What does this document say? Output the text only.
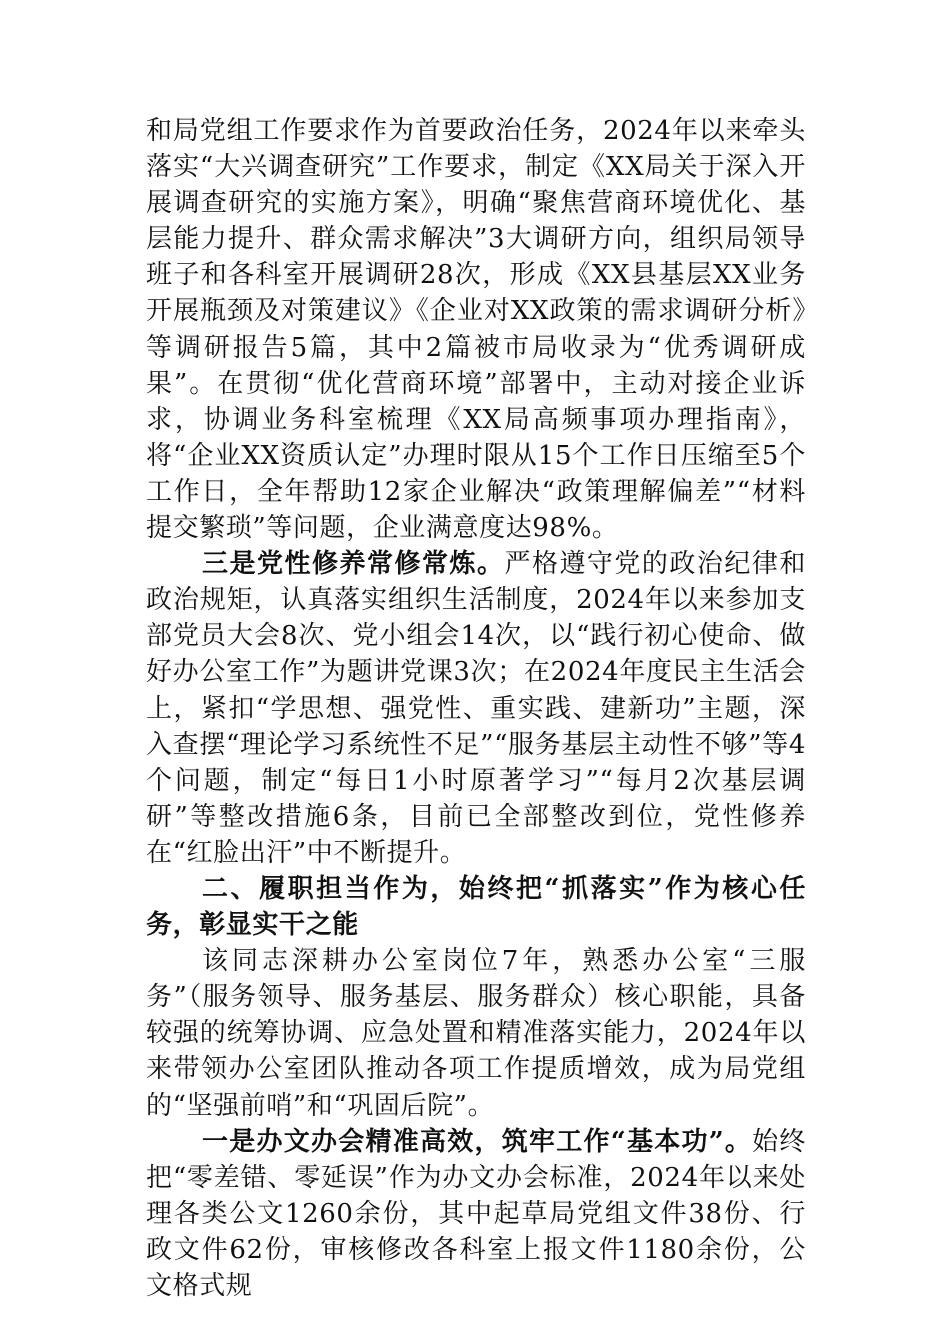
和局党组工作要求作为首要政治任务，2024年以来牵头落实“大兴调查研究”工作要求，制定《XX局关于深入开展调查研究的实施方案》，明确“聚焦营商环境优化、基层能力提升、群众需求解决”3大调研方向，组织局领导班子和各科室开展调研28次，形成《XX县基层XX业务开展瓶颈及对策建议》《企业对XX政策的需求调研分析》等调研报告5篇，其中2篇被市局收录为“优秀调研成果”。在贯彻“优化营商环境”部署中，主动对接企业诉求，协调业务科室梳理《XX局高频事项办理指南》，将“企业XX资质认定”办理时限从15个工作日压缩至5个工作日，全年帮助12家企业解决“政策理解偏差”“材料提交繁琐”等问题，企业满意度达98%。

三是党性修养常修常炼。严格遵守党的政治纪律和政治规矩，认真落实组织生活制度，2024年以来参加支部党员大会8次、党小组会14次，以“践行初心使命、做好办公室工作”为题讲党课3次；在2024年度民主生活会上，紧扣“学思想、强党性、重实践、建新功”主题，深入查摆“理论学习系统性不足”“服务基层主动性不够”等4个问题，制定“每日1小时原著学习”“每月2次基层调研”等整改措施6条，目前已全部整改到位，党性修养在“红脸出汗”中不断提升。

二、履职担当作为，始终把“抓落实”作为核心任务，彰显实干之能

该同志深耕办公室岗位7年，熟悉办公室“三服务”（服务领导、服务基层、服务群众）核心职能，具备较强的统筹协调、应急处置和精准落实能力，2024年以来带领办公室团队推动各项工作提质增效，成为局党组的“坚强前哨”和“巩固后院”。

一是办文办会精准高效，筑牢工作“基本功”。始终把“零差错、零延误”作为办文办会标准，2024年以来处理各类公文1260余份，其中起草局党组文件38份、行政文件62份，审核修改各科室上报文件1180余份，公文格式规
